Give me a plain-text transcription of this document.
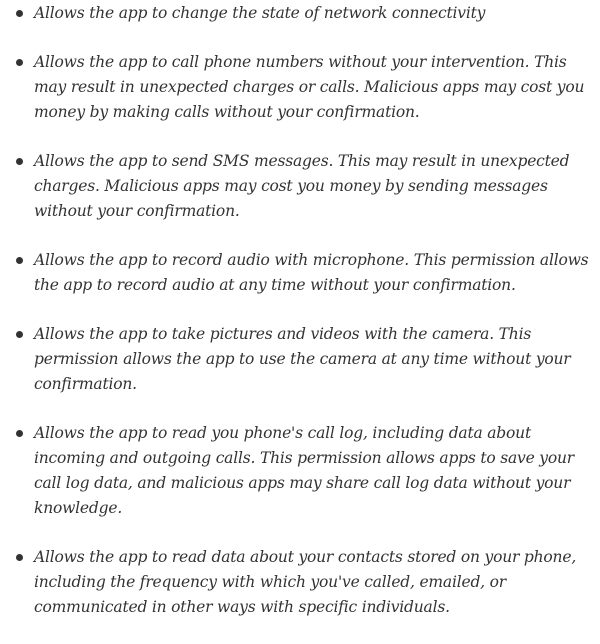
Allows the app to change the state of network connectivity
Allows the app to call phone numbers without your intervention. This may result in unexpected charges or calls. Malicious apps may cost you money by making calls without your confirmation.
Allows the app to send SMS messages. This may result in unexpected charges. Malicious apps may cost you money by sending messages without your confirmation.
Allows the app to record audio with microphone. This permission allows the app to record audio at any time without your confirmation.
Allows the app to take pictures and videos with the camera. This permission allows the app to use the camera at any time without your confirmation.
Allows the app to read you phone's call log, including data about incoming and outgoing calls. This permission allows apps to save your call log data, and malicious apps may share call log data without your knowledge.
Allows the app to read data about your contacts stored on your phone, including the frequency with which you've called, emailed, or communicated in other ways with specific individuals.
